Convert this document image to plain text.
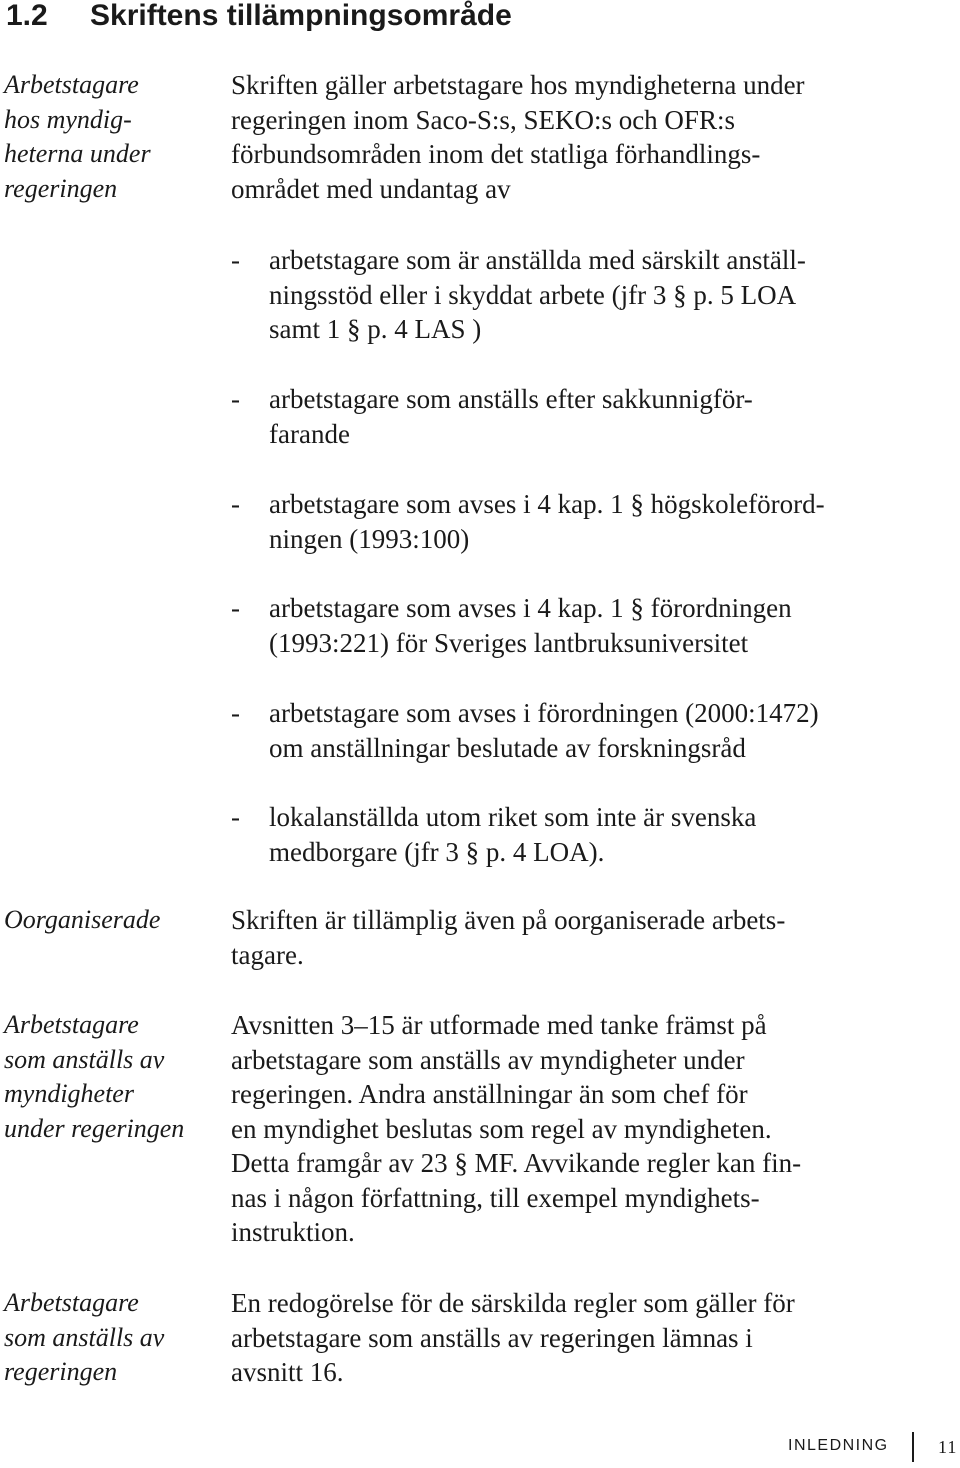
1.2 Skriftens tillämpningsområde

Arbetstagare
hos myndig-
heterna under
regeringen

Skriften gäller arbetstagare hos myndigheterna under
regeringen inom Saco-S:s, SEKO:s och OFR:s
förbundsområden inom det statliga förhandlings-
området med undantag av

- arbetstagare som är anställda med särskilt anställ-
ningsstöd eller i skyddat arbete (jfr 3 § p. 5 LOA
samt 1 § p. 4 LAS )
- arbetstagare som anställs efter sakkunnigför-
farande
- arbetstagare som avses i 4 kap. 1 § högskoleförord-
ningen (1993:100)
- arbetstagare som avses i 4 kap. 1 § förordningen
(1993:221) för Sveriges lantbruksuniversitet
- arbetstagare som avses i förordningen (2000:1472)
om anställningar beslutade av forskningsråd
- lokalanställda utom riket som inte är svenska
medborgare (jfr 3 § p. 4 LOA).

Oorganiserade	Skriften är tillämplig även på oorganiserade arbets-
tagare.

Arbetstagare
som anställs av
myndigheter
under regeringen

Avsnitten 3–15 är utformade med tanke främst på
arbetstagare som anställs av myndigheter under
regeringen. Andra anställningar än som chef för
en myndighet beslutas som regel av myndigheten.
Detta framgår av 23 § MF. Avvikande regler kan fin-
nas i någon författning, till exempel myndighets-
instruktion.

Arbetstagare
som anställs av
regeringen

En redogörelse för de särskilda regler som gäller för
arbetstagare som anställs av regeringen lämnas i
avsnitt 16.

INLEDNING	11
